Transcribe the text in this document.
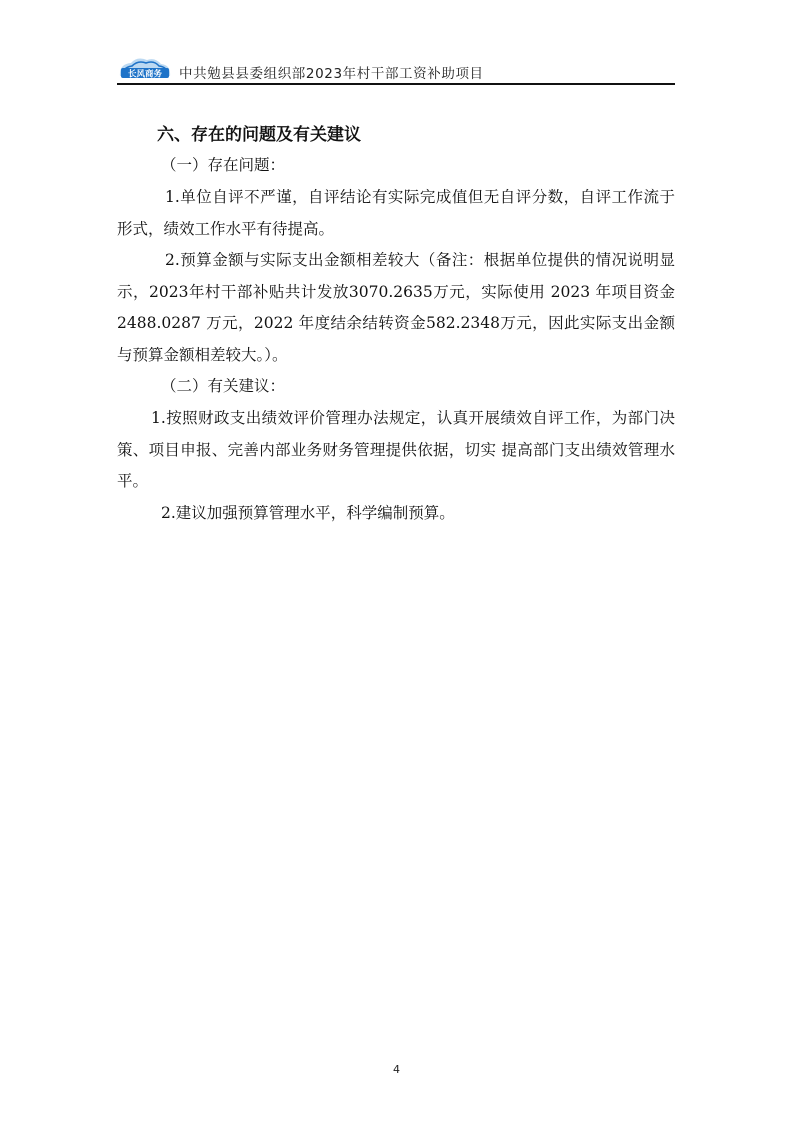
长风商务 中共勉县县委组织部2023年村干部工资补助项目
六、存在的问题及有关建议

（一）存在问题：

1.单位自评不严谨，自评结论有实际完成值但无自评分数，自评工作流于形式，绩效工作水平有待提高。

2.预算金额与实际支出金额相差较大（备注：根据单位提供的情况说明显示，2023年村干部补贴共计发放3070.2635万元，实际使用 2023 年项目资金 2488.0287 万元，2022 年度结余结转资金582.2348万元，因此实际支出金额与预算金额相差较大。）。

（二）有关建议：

1.按照财政支出绩效评价管理办法规定，认真开展绩效自评工作，为部门决策、项目申报、完善内部业务财务管理提供依据，切实 提高部门支出绩效管理水平。

2.建议加强预算管理水平，科学编制预算。

4
